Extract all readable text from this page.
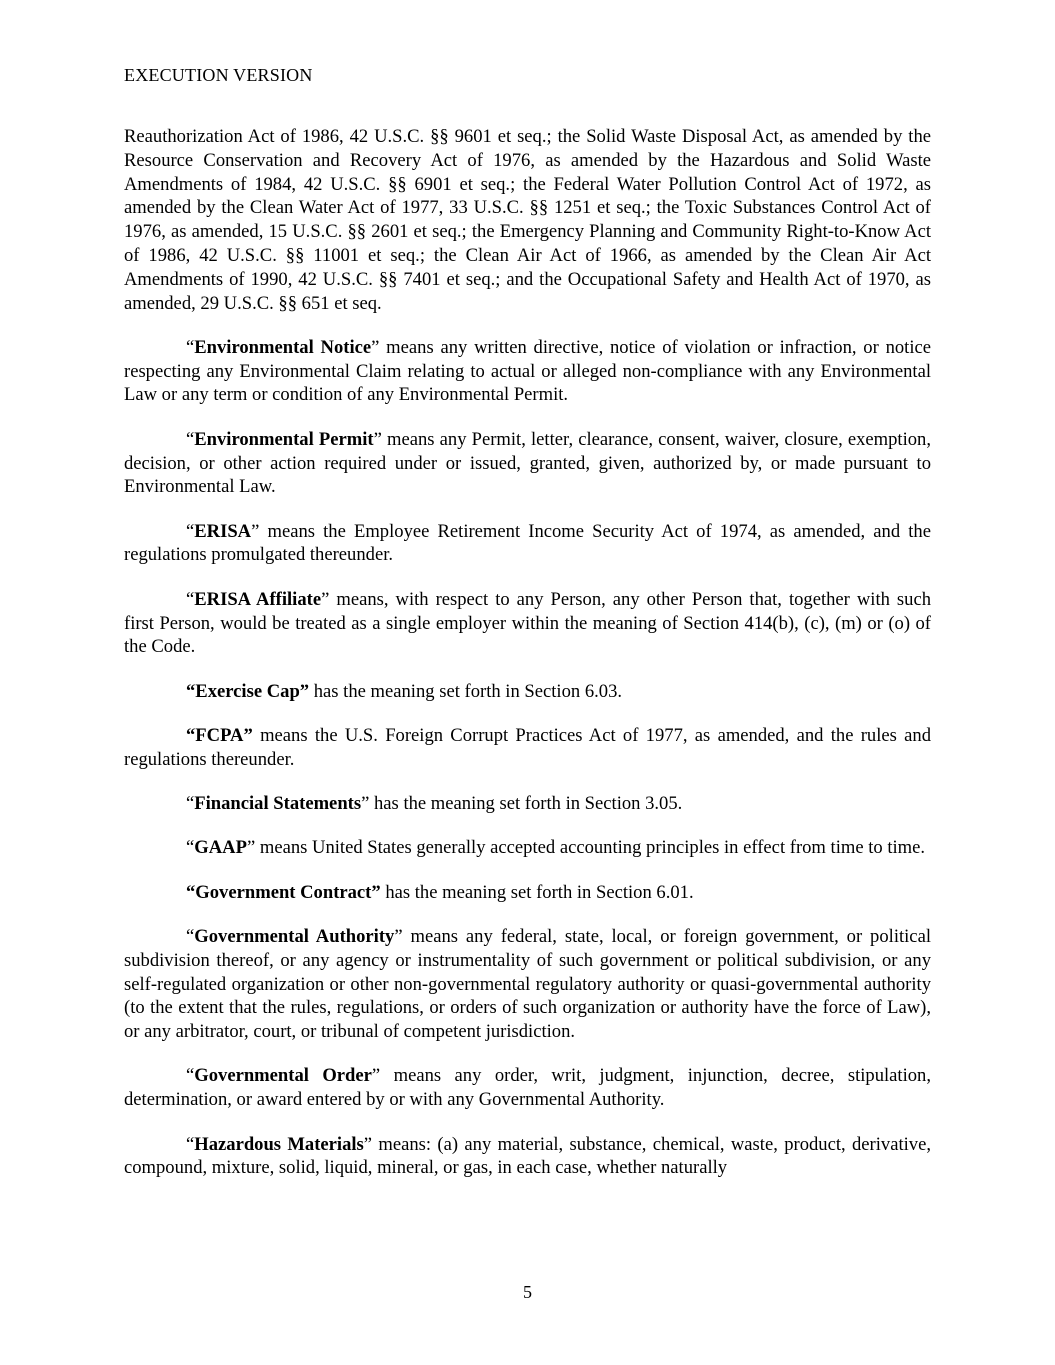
EXECUTION VERSION

Reauthorization Act of 1986, 42 U.S.C. §§ 9601 et seq.; the Solid Waste Disposal Act, as amended by the Resource Conservation and Recovery Act of 1976, as amended by the Hazardous and Solid Waste Amendments of 1984, 42 U.S.C. §§ 6901 et seq.; the Federal Water Pollution Control Act of 1972, as amended by the Clean Water Act of 1977, 33 U.S.C. §§ 1251 et seq.; the Toxic Substances Control Act of 1976, as amended, 15 U.S.C. §§ 2601 et seq.; the Emergency Planning and Community Right-to-Know Act of 1986, 42 U.S.C. §§ 11001 et seq.; the Clean Air Act of 1966, as amended by the Clean Air Act Amendments of 1990, 42 U.S.C. §§ 7401 et seq.; and the Occupational Safety and Health Act of 1970, as amended, 29 U.S.C. §§ 651 et seq.

“Environmental Notice” means any written directive, notice of violation or infraction, or notice respecting any Environmental Claim relating to actual or alleged non-compliance with any Environmental Law or any term or condition of any Environmental Permit.

“Environmental Permit” means any Permit, letter, clearance, consent, waiver, closure, exemption, decision, or other action required under or issued, granted, given, authorized by, or made pursuant to Environmental Law.

“ERISA” means the Employee Retirement Income Security Act of 1974, as amended, and the regulations promulgated thereunder.

“ERISA Affiliate” means, with respect to any Person, any other Person that, together with such first Person, would be treated as a single employer within the meaning of Section 414(b), (c), (m) or (o) of the Code.

“Exercise Cap” has the meaning set forth in Section 6.03.

“FCPA” means the U.S. Foreign Corrupt Practices Act of 1977, as amended, and the rules and regulations thereunder.

“Financial Statements” has the meaning set forth in Section 3.05.

“GAAP” means United States generally accepted accounting principles in effect from time to time.

“Government Contract” has the meaning set forth in Section 6.01.

“Governmental Authority” means any federal, state, local, or foreign government, or political subdivision thereof, or any agency or instrumentality of such government or political subdivision, or any self-regulated organization or other non-governmental regulatory authority or quasi-governmental authority (to the extent that the rules, regulations, or orders of such organization or authority have the force of Law), or any arbitrator, court, or tribunal of competent jurisdiction.

“Governmental Order” means any order, writ, judgment, injunction, decree, stipulation, determination, or award entered by or with any Governmental Authority.

“Hazardous Materials” means: (a) any material, substance, chemical, waste, product, derivative, compound, mixture, solid, liquid, mineral, or gas, in each case, whether naturally

5
